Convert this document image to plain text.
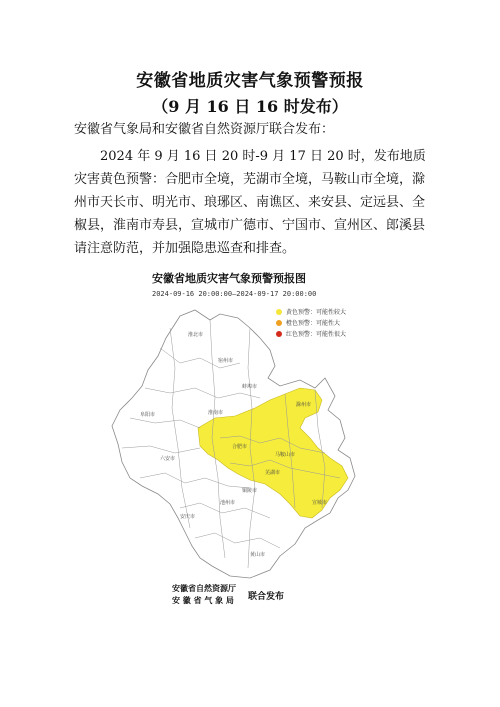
安徽省地质灾害气象预警预报
（9 月 16 日 16 时发布）
安徽省气象局和安徽省自然资源厅联合发布：
2024 年 9 月 16 日 20 时-9 月 17 日 20 时，发布地质灾害黄色预警：合肥市全境，芜湖市全境，马鞍山市全境，滁州市天长市、明光市、琅琊区、南谯区、来安县、定远县、全椒县，淮南市寿县，宣城市广德市、宁国市、宣州区、郎溪县请注意防范，并加强隐患巡查和排查。
安徽省地质灾害气象预警预报图
2024-09-16 20:00:00—2024-09-17 20:00:00
黄色预警：可能性较大
橙色预警：可能性大
红色预警：可能性很大
滁州市
合肥市
马鞍山市
芜湖市
宣城市
淮南市
宿州市
淮北市
蚌埠市
阜阳市
六安市
安庆市
池州市
铜陵市
黄山市
安徽省自然资源厅
安 徽 省 气 象 局 联合发布
